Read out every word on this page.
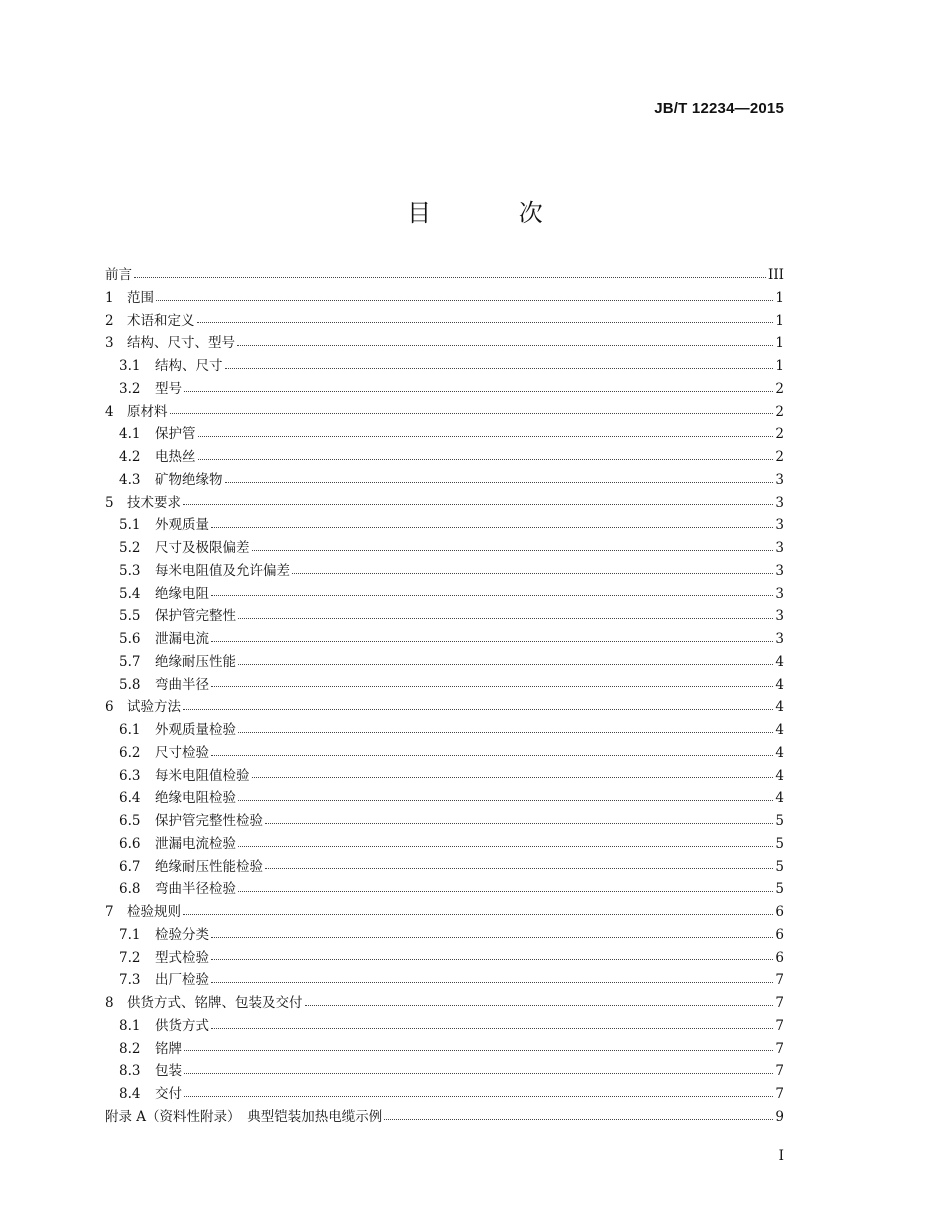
JB/T 12234—2015
目 次
前言	III
1 范围	1
2 术语和定义	1
3 结构、尺寸、型号	1
3.1	结构、尺寸	1
3.2	型号	2
4 原材料	2
4.1	保护管	2
4.2	电热丝	2
4.3	矿物绝缘物	3
5 技术要求	3
5.1	外观质量	3
5.2	尺寸及极限偏差	3
5.3	每米电阻值及允许偏差	3
5.4	绝缘电阻	3
5.5	保护管完整性	3
5.6	泄漏电流	3
5.7	绝缘耐压性能	4
5.8	弯曲半径	4
6 试验方法	4
6.1	外观质量检验	4
6.2	尺寸检验	4
6.3	每米电阻值检验	4
6.4	绝缘电阻检验	4
6.5	保护管完整性检验	5
6.6	泄漏电流检验	5
6.7	绝缘耐压性能检验	5
6.8	弯曲半径检验	5
7 检验规则	6
7.1	检验分类	6
7.2	型式检验	6
7.3	出厂检验	7
8 供货方式、铭牌、包装及交付	7
8.1	供货方式	7
8.2	铭牌	7
8.3	包装	7
8.4	交付	7
附录 A（资料性附录）　典型铠装加热电缆示例	9
I
